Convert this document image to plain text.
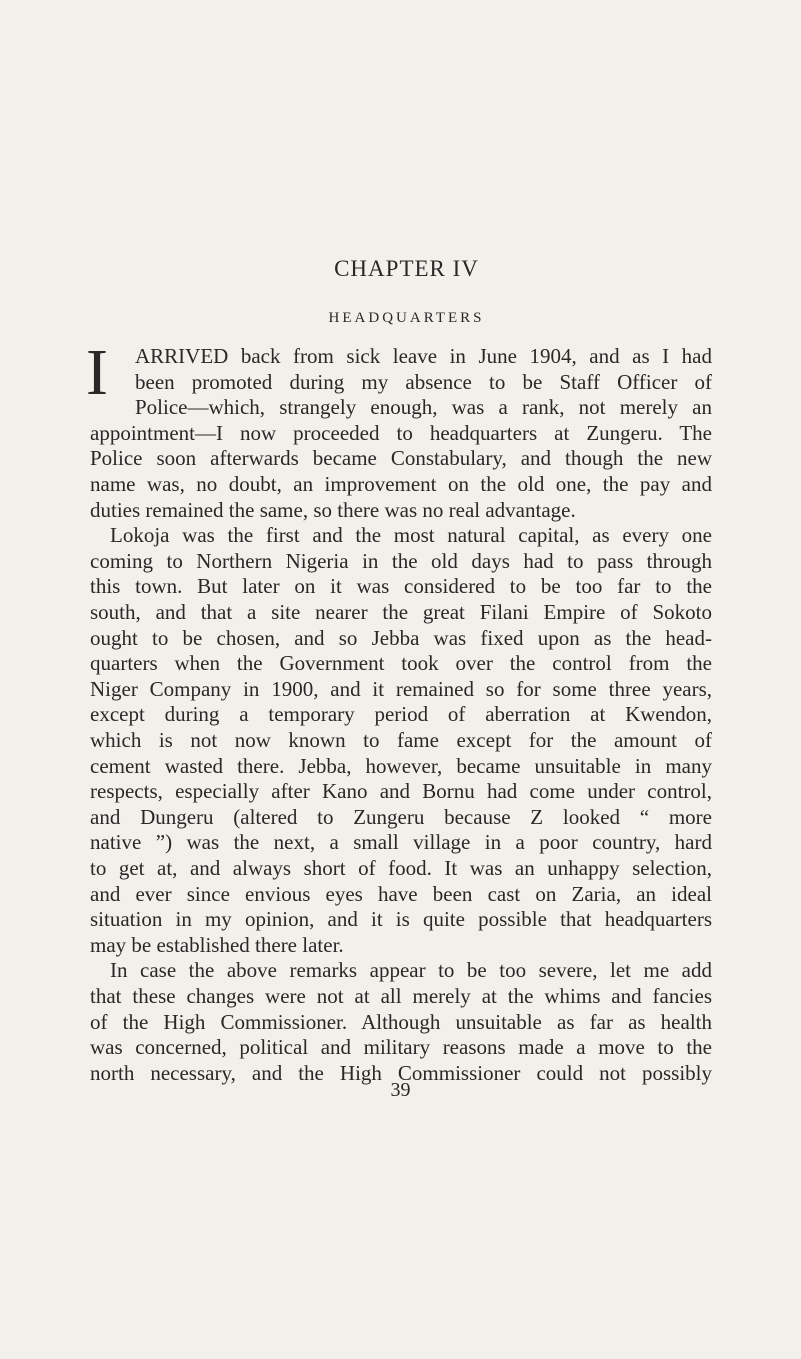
CHAPTER IV
HEADQUARTERS
I ARRIVED back from sick leave in June 1904, and as I had
been promoted during my absence to be Staff Officer of
Police—which, strangely enough, was a rank, not merely an
appointment—I now proceeded to headquarters at Zungeru. The
Police soon afterwards became Constabulary, and though the new
name was, no doubt, an improvement on the old one, the pay and
duties remained the same, so there was no real advantage.
Lokoja was the first and the most natural capital, as every one
coming to Northern Nigeria in the old days had to pass through
this town. But later on it was considered to be too far to the
south, and that a site nearer the great Filani Empire of Sokoto
ought to be chosen, and so Jebba was fixed upon as the head-
quarters when the Government took over the control from the
Niger Company in 1900, and it remained so for some three years,
except during a temporary period of aberration at Kwendon,
which is not now known to fame except for the amount of
cement wasted there. Jebba, however, became unsuitable in many
respects, especially after Kano and Bornu had come under control,
and Dungeru (altered to Zungeru because Z looked “ more
native ”) was the next, a small village in a poor country, hard
to get at, and always short of food. It was an unhappy selection,
and ever since envious eyes have been cast on Zaria, an ideal
situation in my opinion, and it is quite possible that headquarters
may be established there later.
In case the above remarks appear to be too severe, let me add
that these changes were not at all merely at the whims and fancies
of the High Commissioner. Although unsuitable as far as health
was concerned, political and military reasons made a move to the
north necessary, and the High Commissioner could not possibly
39
